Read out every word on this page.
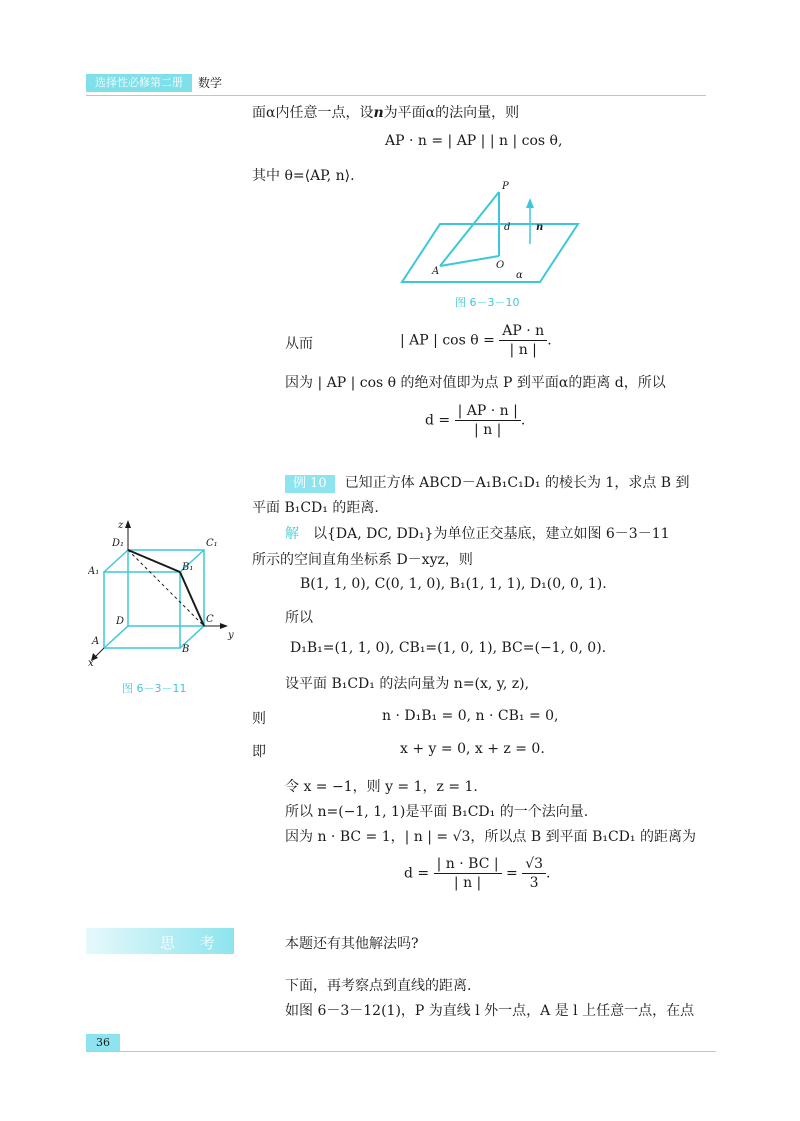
选择性必修第二册	数学
面α内任意一点，设n为平面α的法向量，则
AP · n = | AP | | n | cos θ,
其中 θ=⟨AP, n⟩.
P
d	n
A
O
α
图 6－3－10
从而	| AP | $\cos \theta = \frac{AP \cdot n}{| n |}$ .
因为 | AP | cos θ 的绝对值即为点 P 到平面α的距离 d，所以
$d = \frac{| AP \cdot n |}{| n |}$ .
例 10 已知正方体 ABCD－A₁B₁C₁D₁ 的棱长为 1，求点 B 到
平面 B₁CD₁ 的距离.
解 以{DA, DC, DD₁}为单位正交基底，建立如图 6－3－11
所示的空间直角坐标系 D－xyz，则
z
D₁	C₁
A₁	B₁
D	C
A
B
x
y
图 6－3－11
B(1, 1, 0), C(0, 1, 0), B₁(1, 1, 1), D₁(0, 0, 1).
所以
D₁B₁=(1, 1, 0), CB₁=(1, 0, 1), BC=(−1, 0, 0).
设平面 B₁CD₁ 的法向量为 n=(x, y, z),
则	n · D₁B₁ = 0, n · CB₁ = 0,
即	x + y = 0, x + z = 0.
令 x = −1，则 y = 1，z = 1.
所以 n=(−1, 1, 1)是平面 B₁CD₁ 的一个法向量.
因为 n · BC = 1，| n | = √3，所以点 B 到平面 B₁CD₁ 的距离为
$d = \frac{| n \cdot BC |}{| n |} = \frac{√3}{3}$ .
思 考	本题还有其他解法吗?
下面，再考察点到直线的距离.
如图 6－3－12(1)，P 为直线 l 外一点，A 是 l 上任意一点，在点
36
